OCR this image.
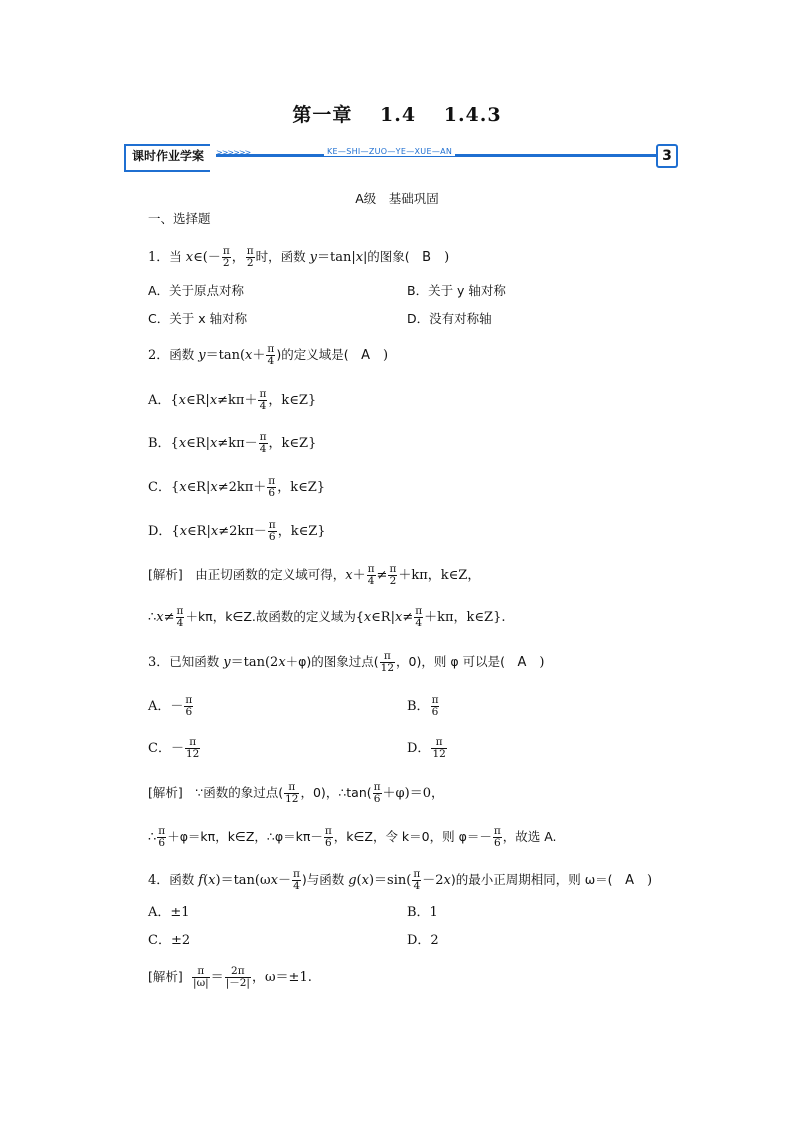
第一章 1.4 1.4.3
课时作业学案	>>>>>>	KE—SHI—ZUO—YE—XUE—AN	3
A级　基础巩固
一、选择题
1．当 x∈(－ $\frac{\pi}{2}$ ， $\frac{\pi}{2}$ 时，函数 y＝tan|x|的图象(　B　)
A．关于原点对称	B．关于 y 轴对称
C．关于 x 轴对称	D．没有对称轴
2．函数 $y=\tan(x+ \frac{\pi}{4}$ )的定义域是(　A　)
A．{x∈R|x≠kπ＋ $\frac{\pi}{4}$ ，k∈Z}
B．{x∈R|x≠kπ－ $\frac{\pi}{4}$ ，k∈Z}
C．{x∈R|x≠2kπ＋ $\frac{\pi}{6}$ ，k∈Z}
D．{x∈R|x≠2kπ－ $\frac{\pi}{6}$ ，k∈Z}
[解析]　由正切函数的定义域可得，$x+ \frac{\pi}{4} \ne \frac{\pi}{2} +k\pi$，k∈Z，
∴x≠ $\frac{\pi}{4} +k\pi$，k∈Z.故函数的定义域为{x∈R|x≠ $\frac{\pi}{4} +k\pi$，k∈Z}.
3．已知函数 y＝tan(2x＋φ)的图象过点( $\frac{\pi}{12}$ ，0)，则 φ 可以是(　A　)
A．－ $\frac{\pi}{6}$	B． $\frac{\pi}{6}$
C．－ $\frac{\pi}{12}$	D． $\frac{\pi}{12}$
[解析]　∵函数的象过点( $\frac{\pi}{12}$ ，0)，∴tan( $\frac{\pi}{6} +\varphi)=0$，
∴ $\frac{\pi}{6} +\varphi=k\pi$，k∈Z，∴φ＝kπ－ $\frac{\pi}{6}$ ，k∈Z，令 k＝0，则 $\varphi=- \frac{\pi}{6}$ ，故选 A.
4．函数 $f(x)=\tan(\omega x- \frac{\pi}{4}$ )与函数 $g(x)=\sin( \frac{\pi}{4} -2x)$的最小正周期相同，则 ω＝(　A　)
A．±1	B．1
C．±2	D．2
[解析] $\frac{\pi}{|\omega|} = \frac{2\pi}{|-2|}$ ，ω＝±1.
